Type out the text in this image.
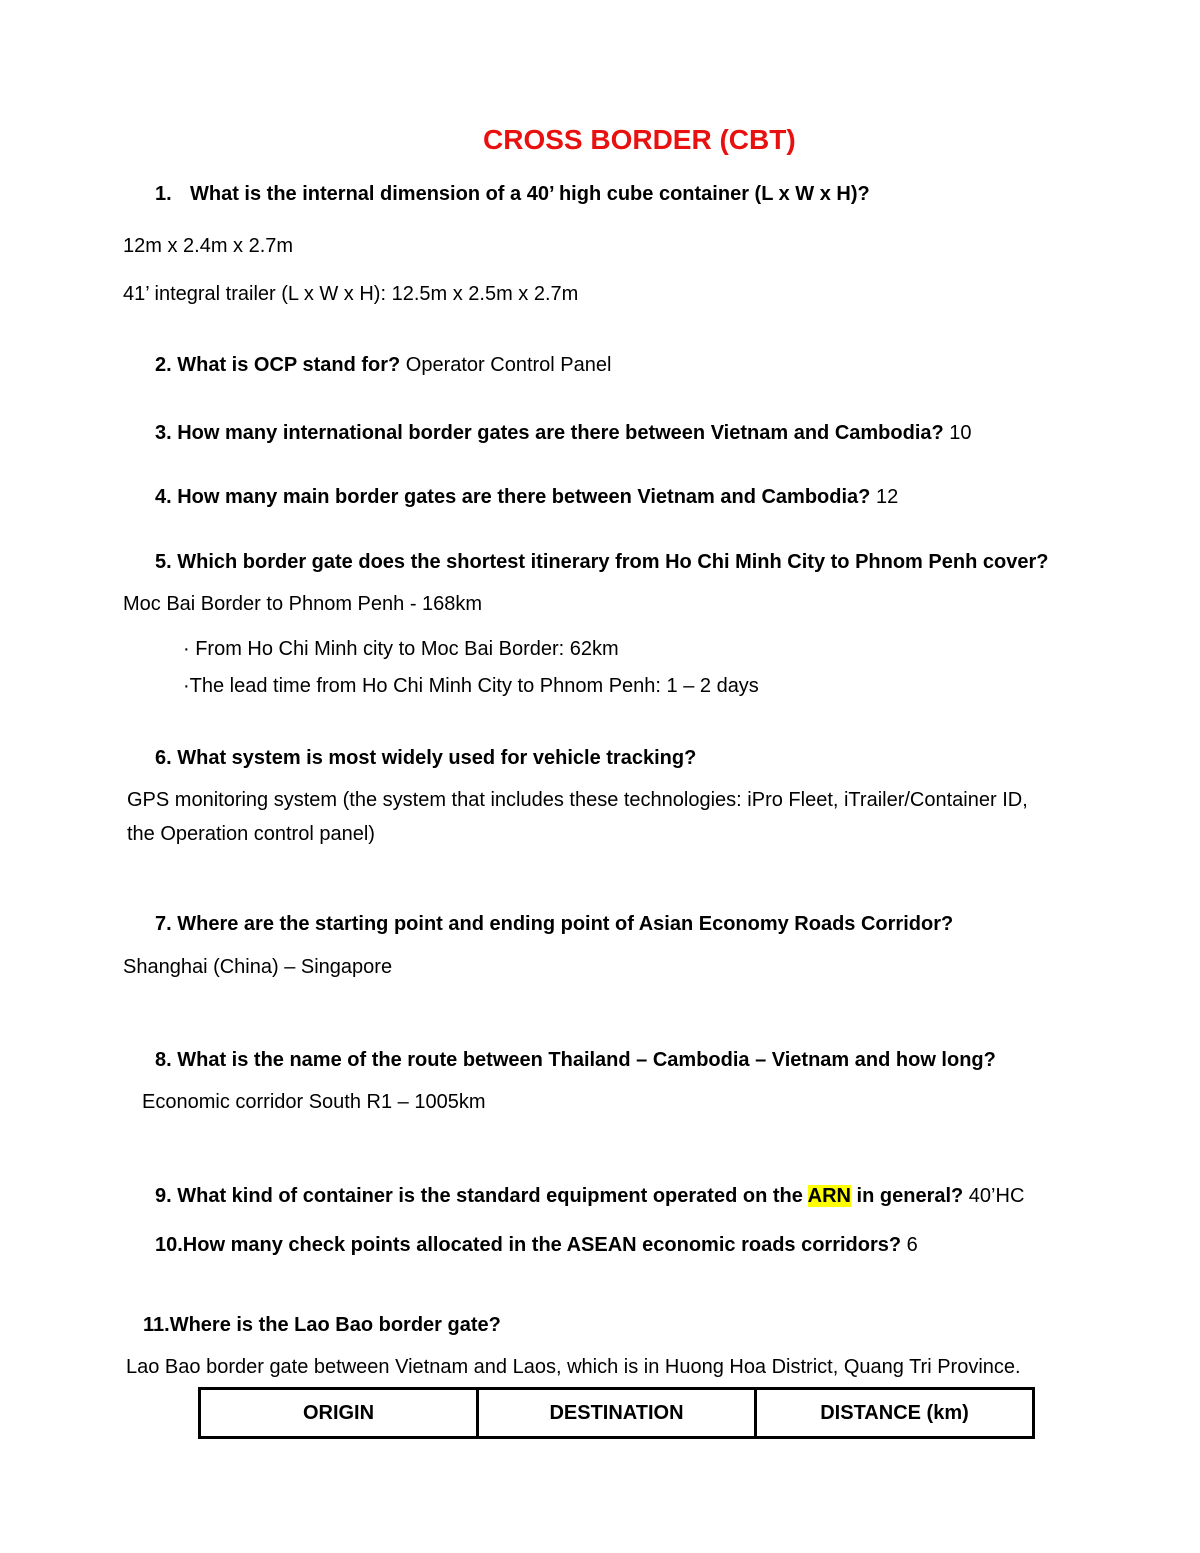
CROSS BORDER (CBT)
1. What is the internal dimension of a 40’ high cube container (L x W x H)?
12m x 2.4m x 2.7m
41’ integral trailer (L x W x H): 12.5m x 2.5m x 2.7m
2. What is OCP stand for? Operator Control Panel
3. How many international border gates are there between Vietnam and Cambodia? 10
4. How many main border gates are there between Vietnam and Cambodia? 12
5. Which border gate does the shortest itinerary from Ho Chi Minh City to Phnom Penh cover?
Moc Bai Border to Phnom Penh - 168km
· From Ho Chi Minh city to Moc Bai Border: 62km
·The lead time from Ho Chi Minh City to Phnom Penh: 1 – 2 days
6. What system is most widely used for vehicle tracking?
GPS monitoring system (the system that includes these technologies: iPro Fleet, iTrailer/Container ID,
the Operation control panel)
7. Where are the starting point and ending point of Asian Economy Roads Corridor?
Shanghai (China) – Singapore
8. What is the name of the route between Thailand – Cambodia – Vietnam and how long?
Economic corridor South R1 – 1005km
9. What kind of container is the standard equipment operated on the ARN in general? 40’HC
10.How many check points allocated in the ASEAN economic roads corridors? 6
11.Where is the Lao Bao border gate?
Lao Bao border gate between Vietnam and Laos, which is in Huong Hoa District, Quang Tri Province.
ORIGIN	DESTINATION	DISTANCE (km)
